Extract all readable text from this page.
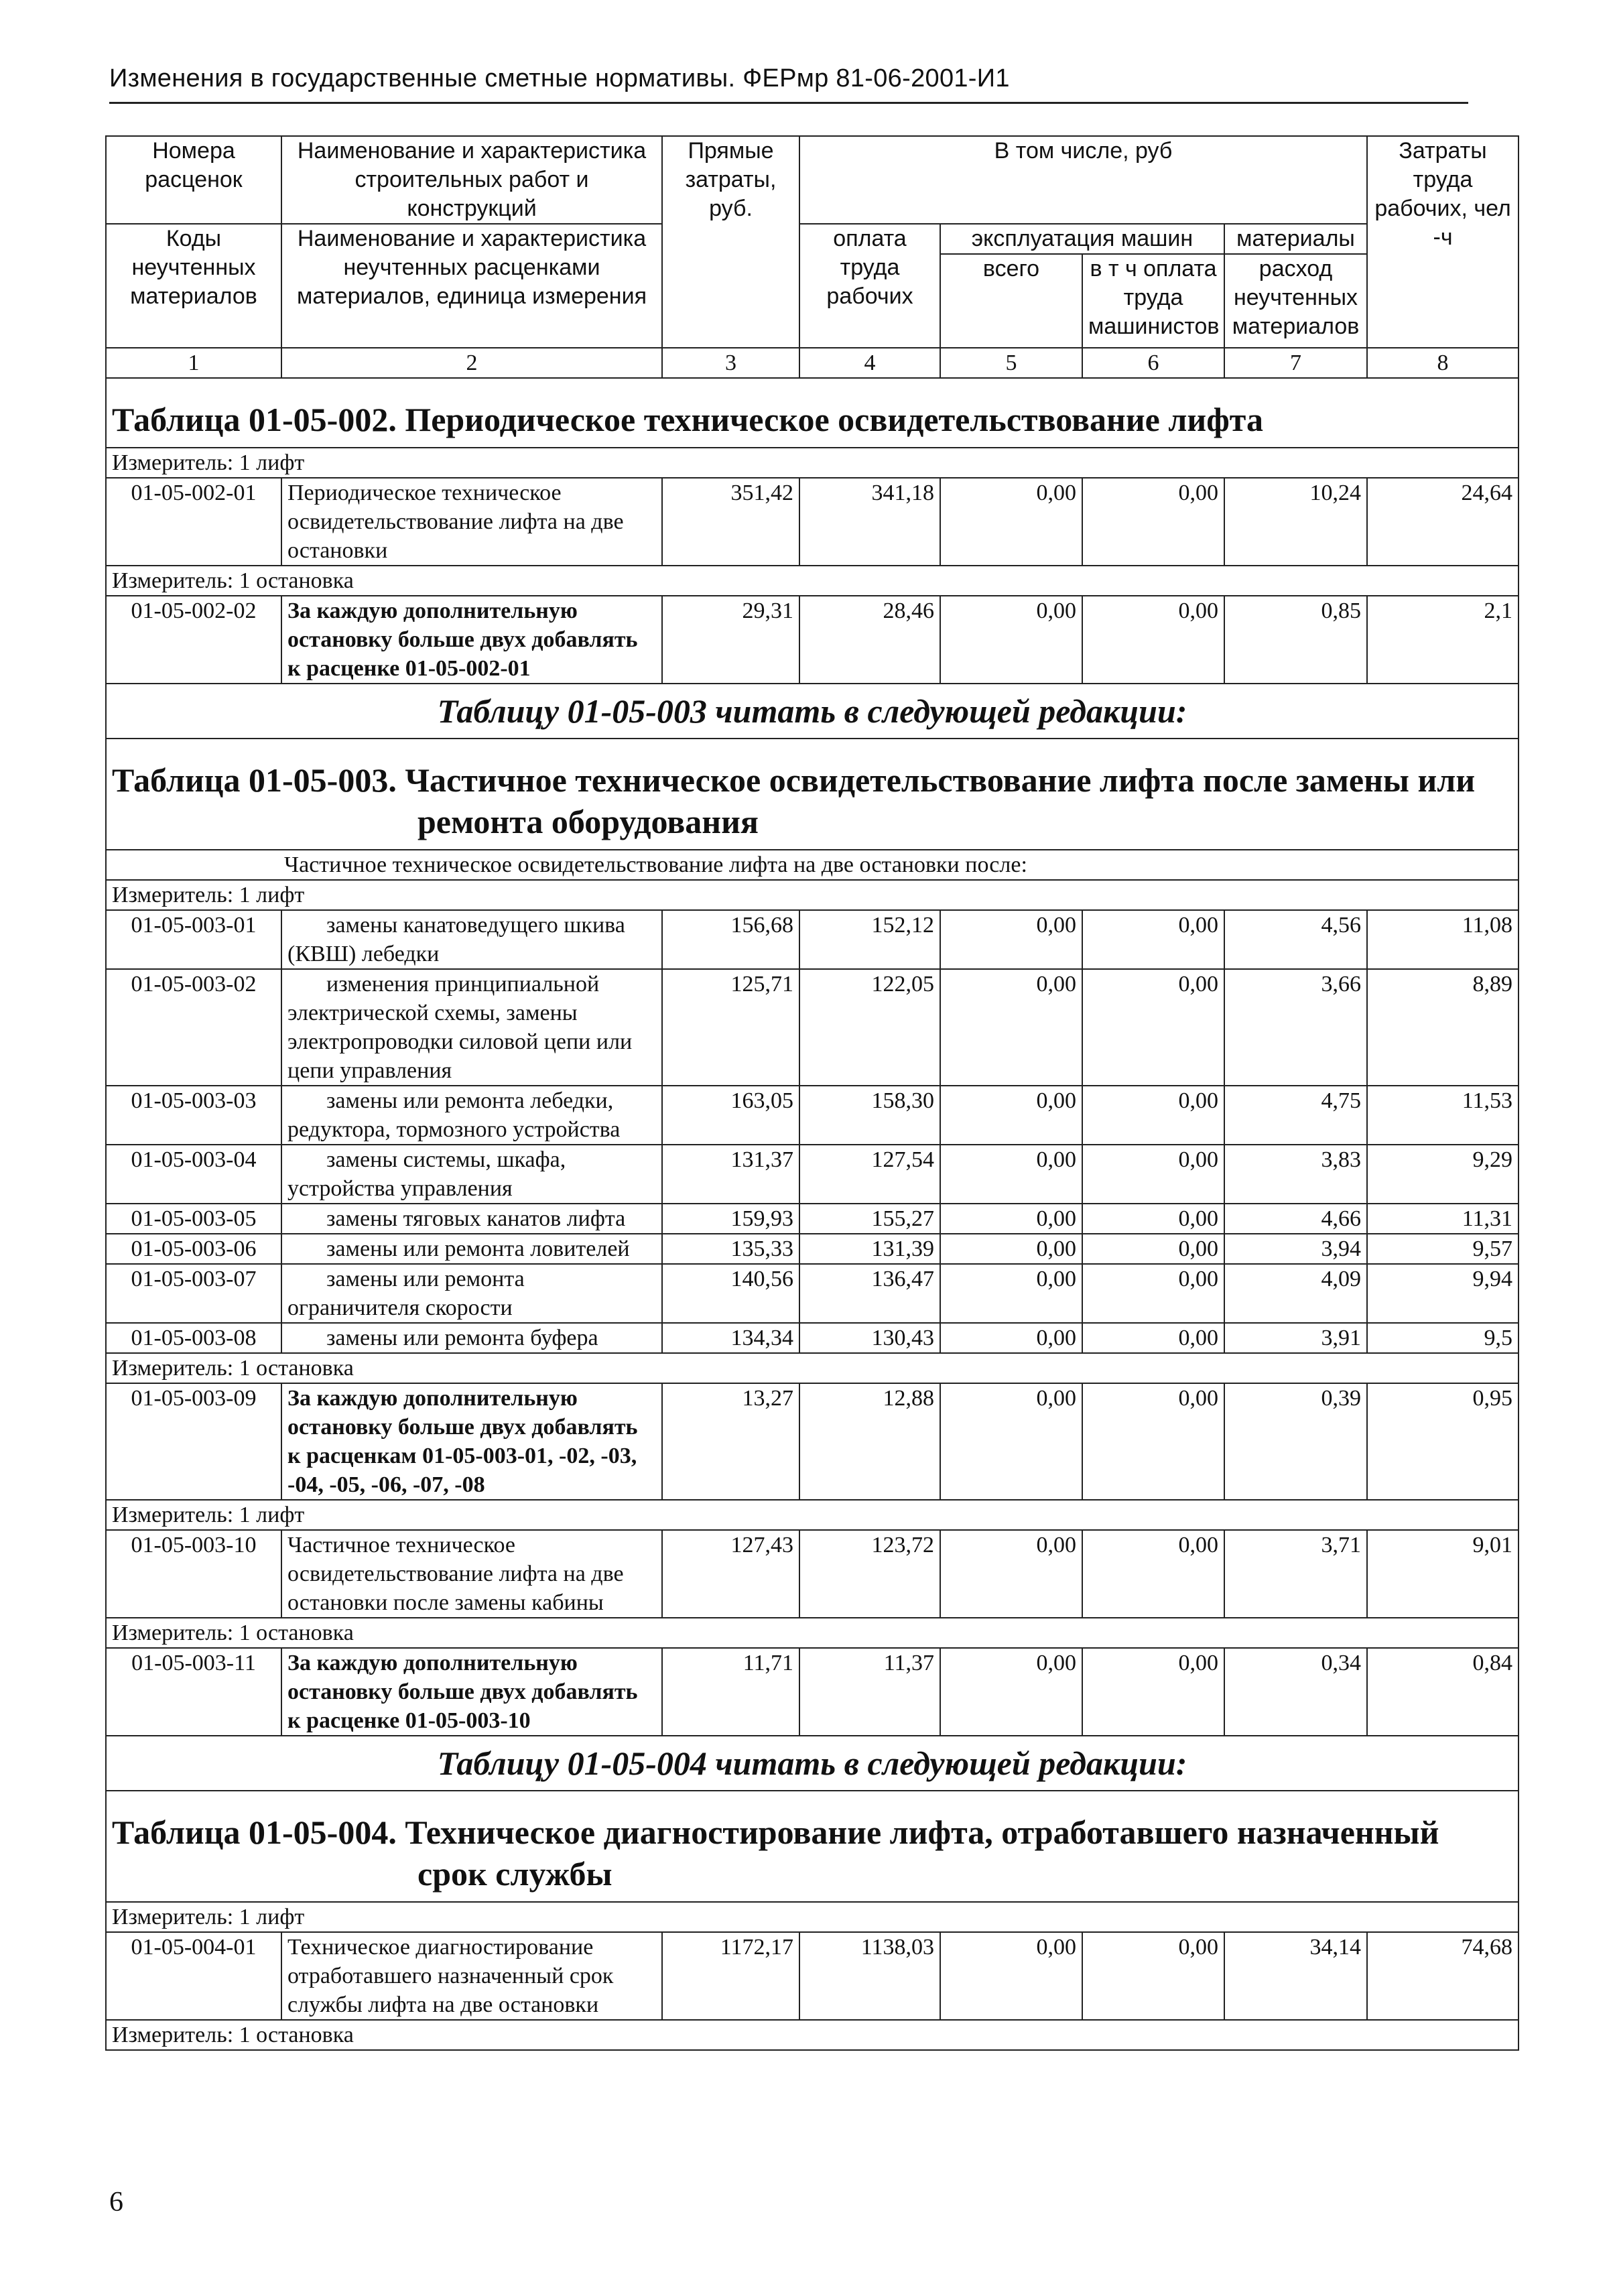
Изменения в государственные сметные нормативы. ФЕРмр 81-06-2001-И1
Номера расценок	Наименование и характеристика строительных работ и конструкций	Прямые затраты, руб.	В том числе, руб				Затраты труда рабочих, чел -ч
Коды неучтенных материалов	Наименование и характеристика неучтенных расценками материалов, единица измерения		оплата труда рабочих	эксплуатация машин		материалы	
				всего	в т ч оплата труда машинистов	расход неучтенных материалов	

1	2	3	4	5	6	7	8

Таблица 01-05-002. Периодическое техническое освидетельствование лифта							

Измеритель: 1 лифт							
01-05-002-01	Периодическое техническое освидетельствование лифта на две остановки	351,42	341,18	0,00	0,00	10,24	24,64
Измеритель: 1 остановка							
01-05-002-02	За каждую дополнительную остановку больше двух добавлять к расценке 01-05-002-01	29,31	28,46	0,00	0,00	0,85	2,1

Таблицу 01-05-003 читать в следующей редакции:							

Таблица 01-05-003. Частичное техническое освидетельствование лифта после замены или
ремонта оборудования							

Частичное техническое освидетельствование лифта на две остановки после:							
Измеритель: 1 лифт							
01-05-003-01	замены канатоведущего шкива (КВШ) лебедки	156,68	152,12	0,00	0,00	4,56	11,08
01-05-003-02	изменения принципиальной электрической схемы, замены электропроводки силовой цепи или цепи управления	125,71	122,05	0,00	0,00	3,66	8,89
01-05-003-03	замены или ремонта лебедки, редуктора, тормозного устройства	163,05	158,30	0,00	0,00	4,75	11,53
01-05-003-04	замены системы, шкафа, устройства управления	131,37	127,54	0,00	0,00	3,83	9,29
01-05-003-05	замены тяговых канатов лифта	159,93	155,27	0,00	0,00	4,66	11,31
01-05-003-06	замены или ремонта ловителей	135,33	131,39	0,00	0,00	3,94	9,57
01-05-003-07	замены или ремонта ограничителя скорости	140,56	136,47	0,00	0,00	4,09	9,94
01-05-003-08	замены или ремонта буфера	134,34	130,43	0,00	0,00	3,91	9,5
Измеритель: 1 остановка							
01-05-003-09	За каждую дополнительную остановку больше двух добавлять к расценкам 01-05-003-01, -02, -03, -04, -05, -06, -07, -08	13,27	12,88	0,00	0,00	0,39	0,95
Измеритель: 1 лифт							
01-05-003-10	Частичное техническое освидетельствование лифта на две остановки после замены кабины	127,43	123,72	0,00	0,00	3,71	9,01
Измеритель: 1 остановка							
01-05-003-11	За каждую дополнительную остановку больше двух добавлять к расценке 01-05-003-10	11,71	11,37	0,00	0,00	0,34	0,84

Таблицу 01-05-004 читать в следующей редакции:							

Таблица 01-05-004. Техническое диагностирование лифта, отработавшего назначенный
срок службы							

Измеритель: 1 лифт							
01-05-004-01	Техническое диагностирование отработавшего назначенный срок службы лифта на две остановки	1172,17	1138,03	0,00	0,00	34,14	74,68
Измеритель: 1 остановка							
6
